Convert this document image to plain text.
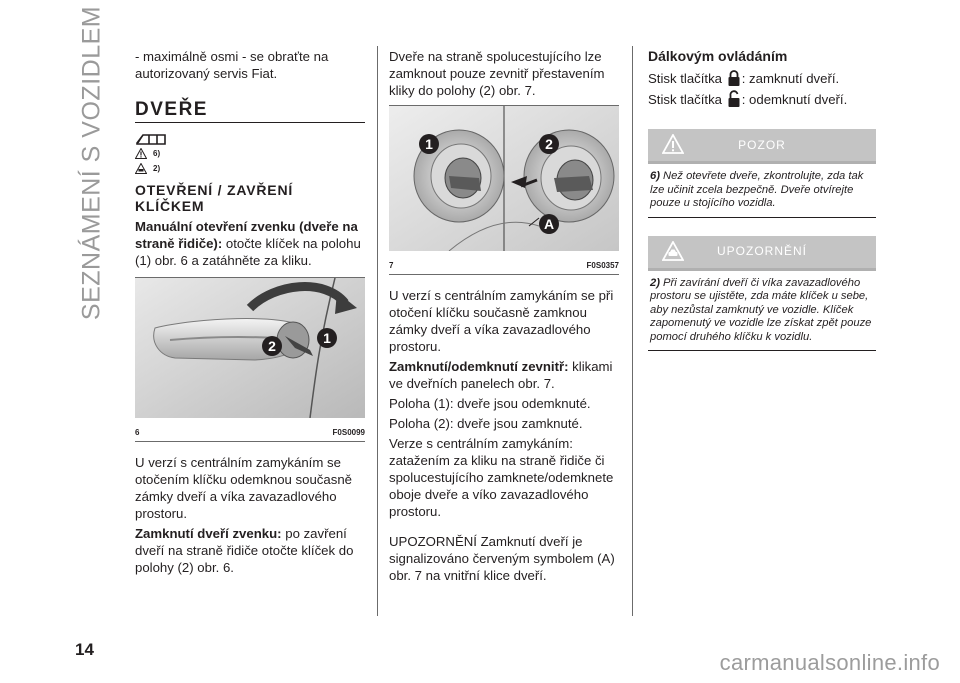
SEZNÁMENÍ S VOZIDLEM
14

- maximálně osmi - se obraťte na autorizovaný servis Fiat.

DVEŘE
6)
2)
OTEVŘENÍ / ZAVŘENÍ KLÍČKEM

Manuální otevření zvenku (dveře na straně řidiče): otočte klíček na polohu (1) obr. 6 a zatáhněte za kliku.

2	1
6	F0S0099

U verzí s centrálním zamykáním se otočením klíčku odemknou současně zámky dveří a víka zavazadlového prostoru.

Zamknutí dveří zvenku: po zavření dveří na straně řidiče otočte klíček do polohy (2) obr. 6.

Dveře na straně spolucestujícího lze zamknout pouze zevnitř přestavením kliky do polohy (2) obr. 7.

1	2
A
7	F0S0357

U verzí s centrálním zamykáním se při otočení klíčku současně zamknou zámky dveří a víka zavazadlového prostoru.

Zamknutí/odemknutí zevnitř: klikami ve dveřních panelech obr. 7.

Poloha (1): dveře jsou odemknuté.

Poloha (2): dveře jsou zamknuté.

Verze s centrálním zamykáním: zatažením za kliku na straně řidiče či spolucestujícího zamknete/odemknete oboje dveře a víko zavazadlového prostoru.

UPOZORNĚNÍ Zamknutí dveří je signalizováno červeným symbolem (A) obr. 7 na vnitřní klice dveří.

Dálkovým ovládáním

Stisk tlačítka : zamknutí dveří.

Stisk tlačítka : odemknutí dveří.

POZOR
6) Než otevřete dveře, zkontrolujte, zda tak lze učinit zcela bezpečně. Dveře otvírejte pouze u stojícího vozidla.
UPOZORNĚNÍ
2) Při zavírání dveří či víka zavazadlového prostoru se ujistěte, zda máte klíček u sebe, aby nezůstal zamknutý ve vozidle. Klíček zapomenutý ve vozidle lze získat zpět pouze pomocí druhého klíčku k vozidlu.
carmanualsonline.info
